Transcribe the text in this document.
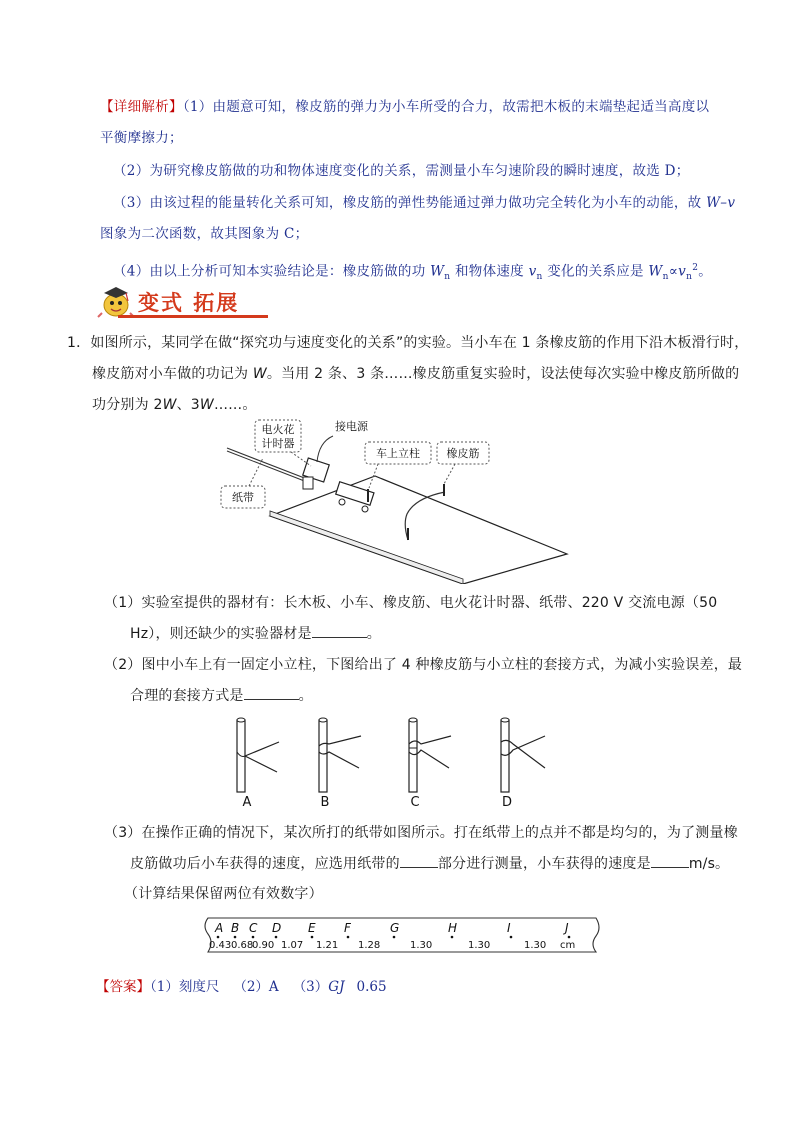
【详细解析】（1）由题意可知，橡皮筋的弹力为小车所受的合力，故需把木板的末端垫起适当高度以
平衡摩擦力；
（2）为研究橡皮筋做的功和物体速度变化的关系，需测量小车匀速阶段的瞬时速度，故选 D；
（3）由该过程的能量转化关系可知，橡皮筋的弹性势能通过弹力做功完全转化为小车的动能，故 W–v
图象为二次函数，故其图象为 C；
（4）由以上分析可知本实验结论是：橡皮筋做的功 $W_n$ 和物体速度 $v_n$ 变化的关系应是 $W_n\propto v_n^2$。
变式 拓展
1．如图所示，某同学在做“探究功与速度变化的关系”的实验。当小车在 1 条橡皮筋的作用下沿木板滑行时，
橡皮筋对小车做的功记为 W。当用 2 条、3 条……橡皮筋重复实验时，设法使每次实验中橡皮筋所做的
功分别为 2W、3W……。
电火花
计时器
接电源
车上立柱 橡皮筋
纸带
（1）实验室提供的器材有：长木板、小车、橡皮筋、电火花计时器、纸带、220 V 交流电源（50
Hz），则还缺少的实验器材是	。
（2）图中小车上有一固定小立柱，下图给出了 4 种橡皮筋与小立柱的套接方式，为减小实验误差，最
合理的套接方式是	。
A	B	C	D
（3）在操作正确的情况下，某次所打的纸带如图所示。打在纸带上的点并不都是均匀的，为了测量橡
皮筋做功后小车获得的速度，应选用纸带的	部分进行测量，小车获得的速度是	m/s。
（计算结果保留两位有效数字）
A B C D E F	G	H	I	J
0.43 0.68
0.90 1.07 1.21 1.28	1.30	1.30	1.30 cm
【答案】（1）刻度尺 （2）A （3）GJ 0.65
